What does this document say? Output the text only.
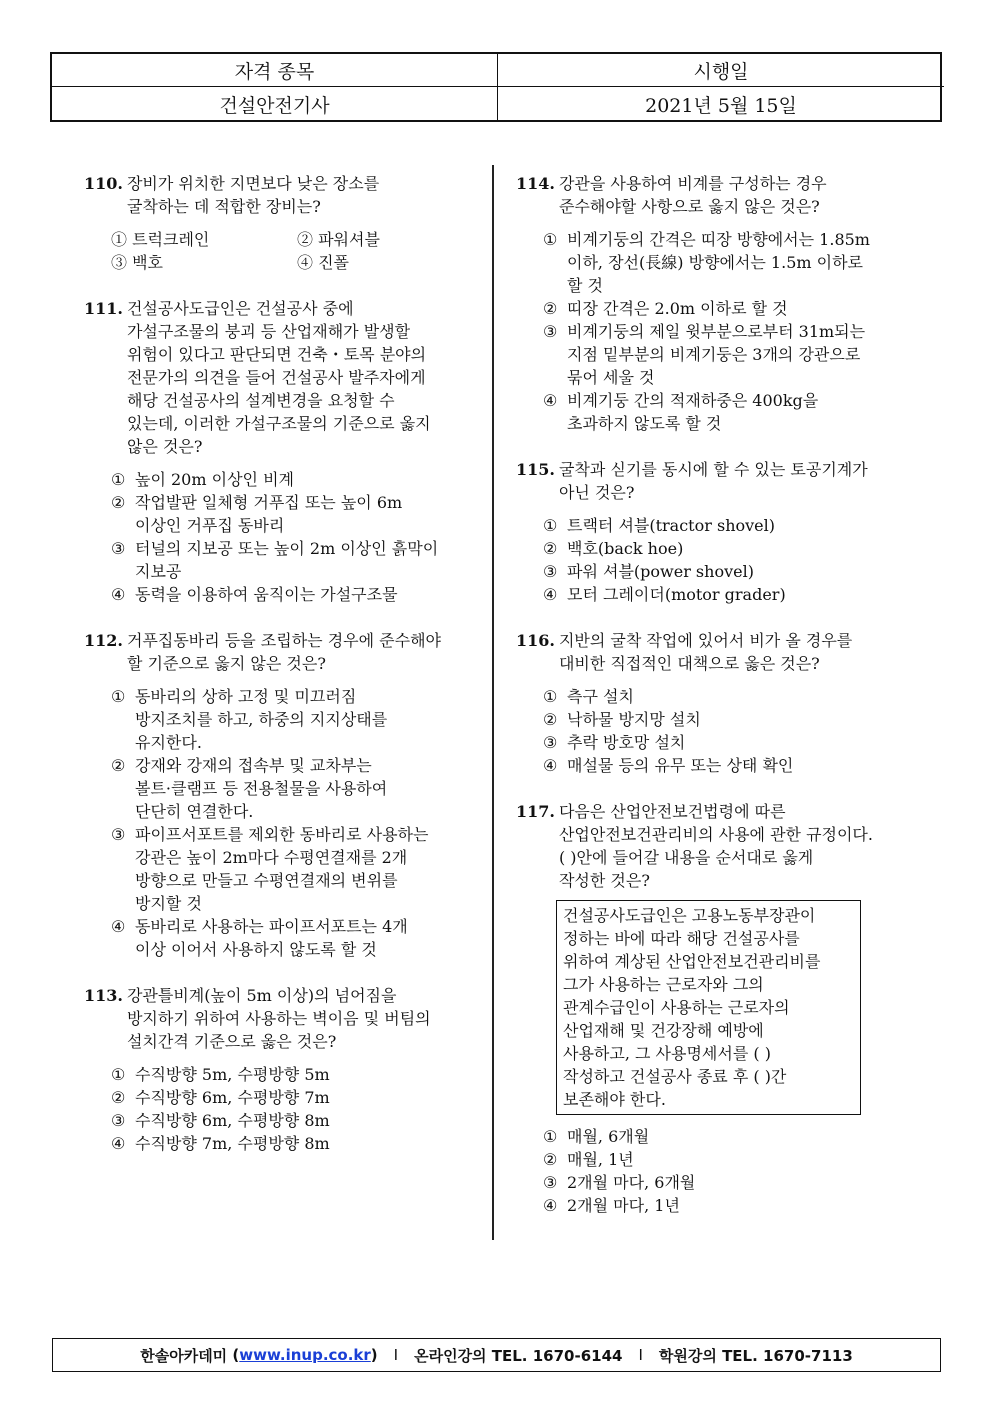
자격 종목	시행일
건설안전기사	2021년 5월 15일
110. 장비가 위치한 지면보다 낮은 장소를
굴착하는 데 적합한 장비는?
① 트럭크레인	② 파워셔블
③ 백호	④ 진폴
111. 건설공사도급인은 건설공사 중에
가설구조물의 붕괴 등 산업재해가 발생할
위험이 있다고 판단되면 건축・토목 분야의
전문가의 의견을 들어 건설공사 발주자에게
해당 건설공사의 설계변경을 요청할 수
있는데, 이러한 가설구조물의 기준으로 옳지
않은 것은?
① 높이 20m 이상인 비계
② 작업발판 일체형 거푸집 또는 높이 6m
이상인 거푸집 동바리
③ 터널의 지보공 또는 높이 2m 이상인 흙막이
지보공
④ 동력을 이용하여 움직이는 가설구조물
112. 거푸집동바리 등을 조립하는 경우에 준수해야
할 기준으로 옳지 않은 것은?
① 동바리의 상하 고정 및 미끄러짐
방지조치를 하고, 하중의 지지상태를
유지한다.
② 강재와 강재의 접속부 및 교차부는
볼트·클램프 등 전용철물을 사용하여
단단히 연결한다.
③ 파이프서포트를 제외한 동바리로 사용하는
강관은 높이 2m마다 수평연결재를 2개
방향으로 만들고 수평연결재의 변위를
방지할 것
④ 동바리로 사용하는 파이프서포트는 4개
이상 이어서 사용하지 않도록 할 것
113. 강관틀비계(높이 5m 이상)의 넘어짐을
방지하기 위하여 사용하는 벽이음 및 버팀의
설치간격 기준으로 옳은 것은?
① 수직방향 5m, 수평방향 5m
② 수직방향 6m, 수평방향 7m
③ 수직방향 6m, 수평방향 8m
④ 수직방향 7m, 수평방향 8m
114. 강관을 사용하여 비계를 구성하는 경우
준수해야할 사항으로 옳지 않은 것은?
① 비계기둥의 간격은 띠장 방향에서는 1.85m
이하, 장선(長線) 방향에서는 1.5m 이하로
할 것
② 띠장 간격은 2.0m 이하로 할 것
③ 비계기둥의 제일 윗부분으로부터 31m되는
지점 밑부분의 비계기둥은 3개의 강관으로
묶어 세울 것
④ 비계기둥 간의 적재하중은 400kg을
초과하지 않도록 할 것
115. 굴착과 싣기를 동시에 할 수 있는 토공기계가
아닌 것은?
① 트랙터 셔블(tractor shovel)
② 백호(back hoe)
③ 파워 셔블(power shovel)
④ 모터 그레이더(motor grader)
116. 지반의 굴착 작업에 있어서 비가 올 경우를
대비한 직접적인 대책으로 옳은 것은?
① 측구 설치
② 낙하물 방지망 설치
③ 추락 방호망 설치
④ 매설물 등의 유무 또는 상태 확인
117. 다음은 산업안전보건법령에 따른
산업안전보건관리비의 사용에 관한 규정이다.
( )안에 들어갈 내용을 순서대로 옳게
작성한 것은?
건설공사도급인은 고용노동부장관이
정하는 바에 따라 해당 건설공사를
위하여 계상된 산업안전보건관리비를
그가 사용하는 근로자와 그의
관계수급인이 사용하는 근로자의
산업재해 및 건강장해 예방에
사용하고, 그 사용명세서를 ( )
작성하고 건설공사 종료 후 ( )간
보존해야 한다.
① 매월, 6개월
② 매월, 1년
③ 2개월 마다, 6개월
④ 2개월 마다, 1년
한솔아카데미
( www.inup.co.kr )	I	온라인강의 TEL. 1670-6144	I	학원강의 TEL. 1670-7113
